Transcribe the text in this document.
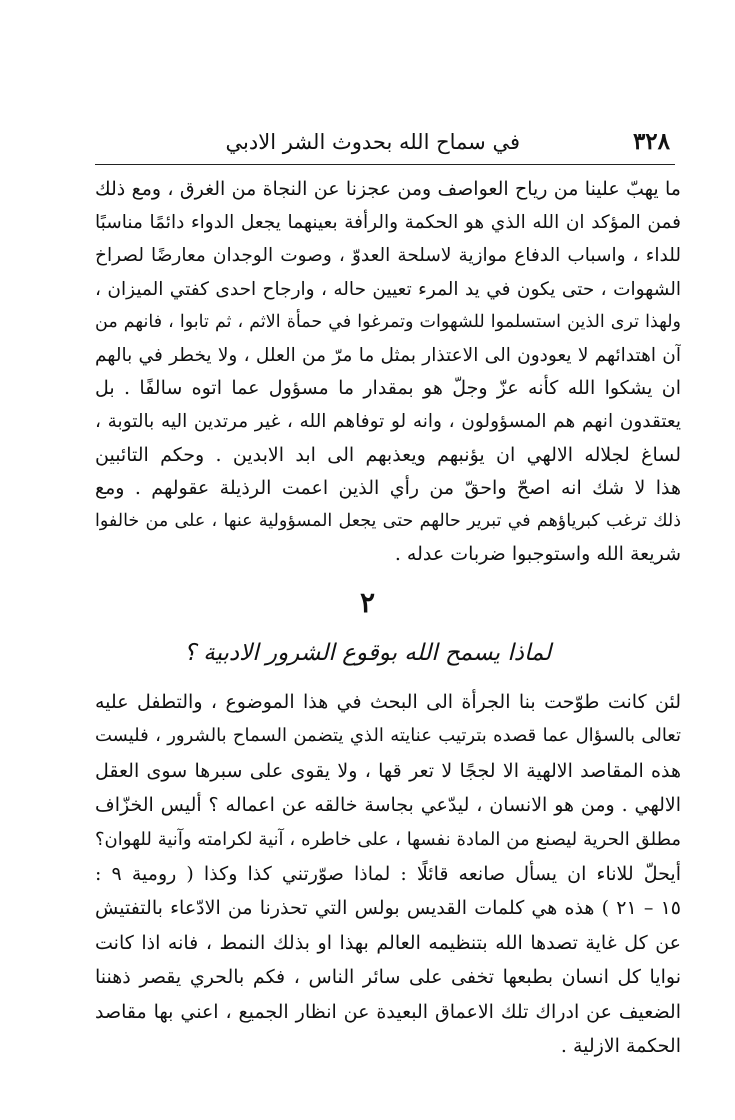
٣٢٨
في سماح الله بحدوث الشر الادبي
ما يهبّ علينا من رياح العواصف ومن عجزنا عن النجاة من الغرق ، ومع ذلك
فمن المؤكد ان الله الذي هو الحكمة والرأفة بعينهما يجعل الدواء دائمًا مناسبًا
للداء ، واسباب الدفاع موازية لاسلحة العدوّ ، وصوت الوجدان معارضًا لصراخ
الشهوات ، حتى يكون في يد المرء تعيين حاله ، وارجاح احدى كفتي الميزان ،
ولهذا ترى الذين استسلموا للشهوات وتمرغوا في حمأة الاثم ، ثم تابوا ، فانهم من
آن اهتدائهم لا يعودون الى الاعتذار بمثل ما مرّ من العلل ، ولا يخطر في بالهم
ان يشكوا الله كأنه عزّ وجلّ هو بمقدار ما مسؤول عما اتوه سالفًا . بل
يعتقدون انهم هم المسؤولون ، وانه لو توفاهم الله ، غير مرتدين اليه بالتوبة ،
لساغ لجلاله الالهي ان يؤنبهم ويعذبهم الى ابد الابدين . وحكم التائبين
هذا لا شك انه اصحّ واحقّ من رأي الذين اعمت الرذيلة عقولهم . ومع
ذلك ترغب كبرياؤهم في تبرير حالهم حتى يجعل المسؤولية عنها ، على من خالفوا
شريعة الله واستوجبوا ضربات عدله .
٢
لماذا يسمح الله بوقوع الشرور الادبية ؟
لئن كانت طوّحت بنا الجرأة الى البحث في هذا الموضوع ، والتطفل عليه
تعالى بالسؤال عما قصده بترتيب عنايته الذي يتضمن السماح بالشرور ، فليست
هذه المقاصد الالهية الا لججًا لا تعر قها ، ولا يقوى على سبرها سوى العقل
الالهي . ومن هو الانسان ، ليدّعي بجاسة خالقه عن اعماله ؟ أليس الخزّاف
مطلق الحرية ليصنع من المادة نفسها ، على خاطره ، آنية لكرامته وآنية للهوان؟
أيحلّ للاناء ان يسأل صانعه قائلًا : لماذا صوّرتني كذا وكذا ( رومية ٩ :
١٥ – ٢١ ) هذه هي كلمات القديس بولس التي تحذرنا من الادّعاء بالتفتيش
عن كل غاية تصدها الله بتنظيمه العالم بهذا او بذلك النمط ، فانه اذا كانت
نوايا كل انسان بطبعها تخفى على سائر الناس ، فكم بالحري يقصر ذهننا
الضعيف عن ادراك تلك الاعماق البعيدة عن انظار الجميع ، اعني بها مقاصد
الحكمة الازلية .
